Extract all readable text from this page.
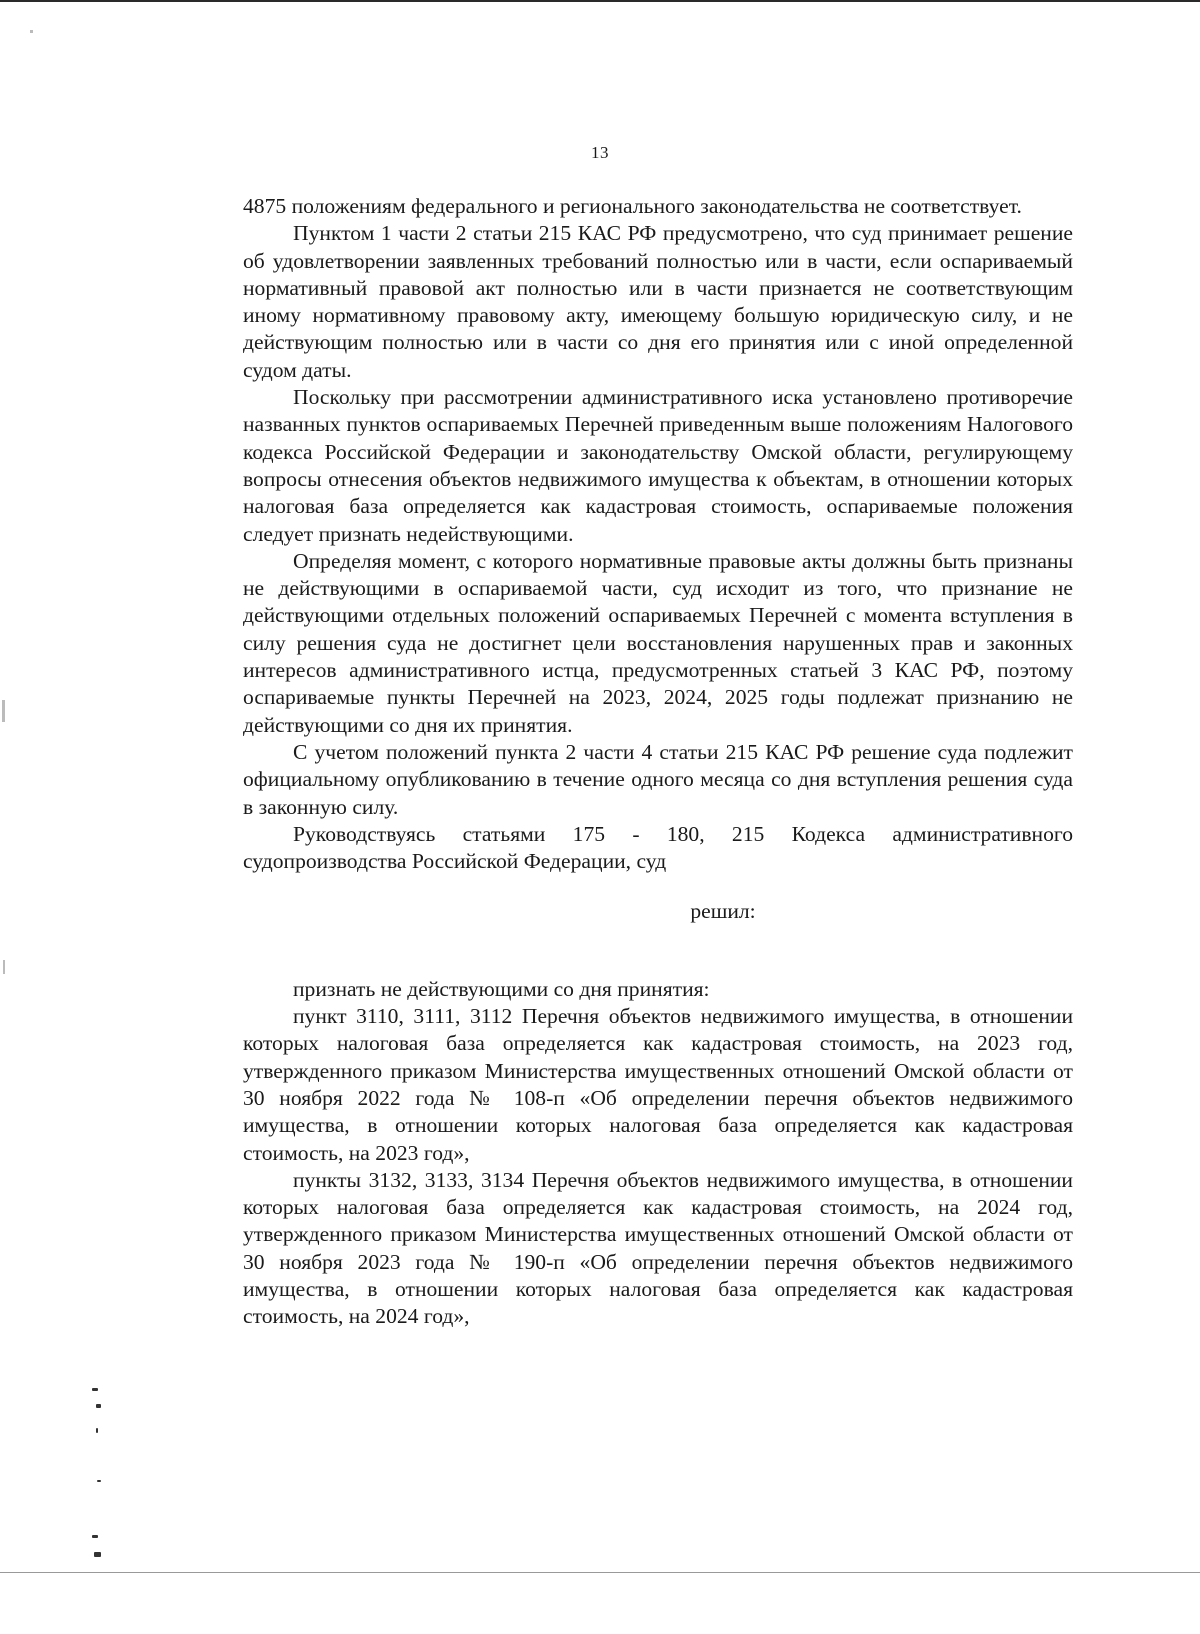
13

4875 положениям федерального и регионального законодательства не соответствует.

Пунктом 1 части 2 статьи 215 КАС РФ предусмотрено, что суд принимает решение об удовлетворении заявленных требований полностью или в части, если оспариваемый нормативный правовой акт полностью или в части признается не соответствующим иному нормативному правовому акту, имеющему большую юридическую силу, и не действующим полностью или в части со дня его принятия или с иной определенной судом даты.

Поскольку при рассмотрении административного иска установлено противоречие названных пунктов оспариваемых Перечней приведенным выше положениям Налогового кодекса Российской Федерации и законодательству Омской области, регулирующему вопросы отнесения объектов недвижимого имущества к объектам, в отношении которых налоговая база определяется как кадастровая стоимость, оспариваемые положения следует признать недействующими.

Определяя момент, с которого нормативные правовые акты должны быть признаны не действующими в оспариваемой части, суд исходит из того, что признание не действующими отдельных положений оспариваемых Перечней с момента вступления в силу решения суда не достигнет цели восстановления нарушенных прав и законных интересов административного истца, предусмотренных статьей 3 КАС РФ, поэтому оспариваемые пункты Перечней на 2023, 2024, 2025 годы подлежат признанию не действующими со дня их принятия.

С учетом положений пункта 2 части 4 статьи 215 КАС РФ решение суда подлежит официальному опубликованию в течение одного месяца со дня вступления решения суда в законную силу.

Руководствуясь статьями 175 - 180, 215 Кодекса административного судопроизводства Российской Федерации, суд

решил:

признать не действующими со дня принятия:

пункт 3110, 3111, 3112 Перечня объектов недвижимого имущества, в отношении которых налоговая база определяется как кадастровая стоимость, на 2023 год, утвержденного приказом Министерства имущественных отношений Омской области от 30 ноября 2022 года № 108-п «Об определении перечня объектов недвижимого имущества, в отношении которых налоговая база определяется как кадастровая стоимость, на 2023 год»,

пункты 3132, 3133, 3134 Перечня объектов недвижимого имущества, в отношении которых налоговая база определяется как кадастровая стоимость, на 2024 год, утвержденного приказом Министерства имущественных отношений Омской области от 30 ноября 2023 года № 190-п «Об определении перечня объектов недвижимого имущества, в отношении которых налоговая база определяется как кадастровая стоимость, на 2024 год»,
